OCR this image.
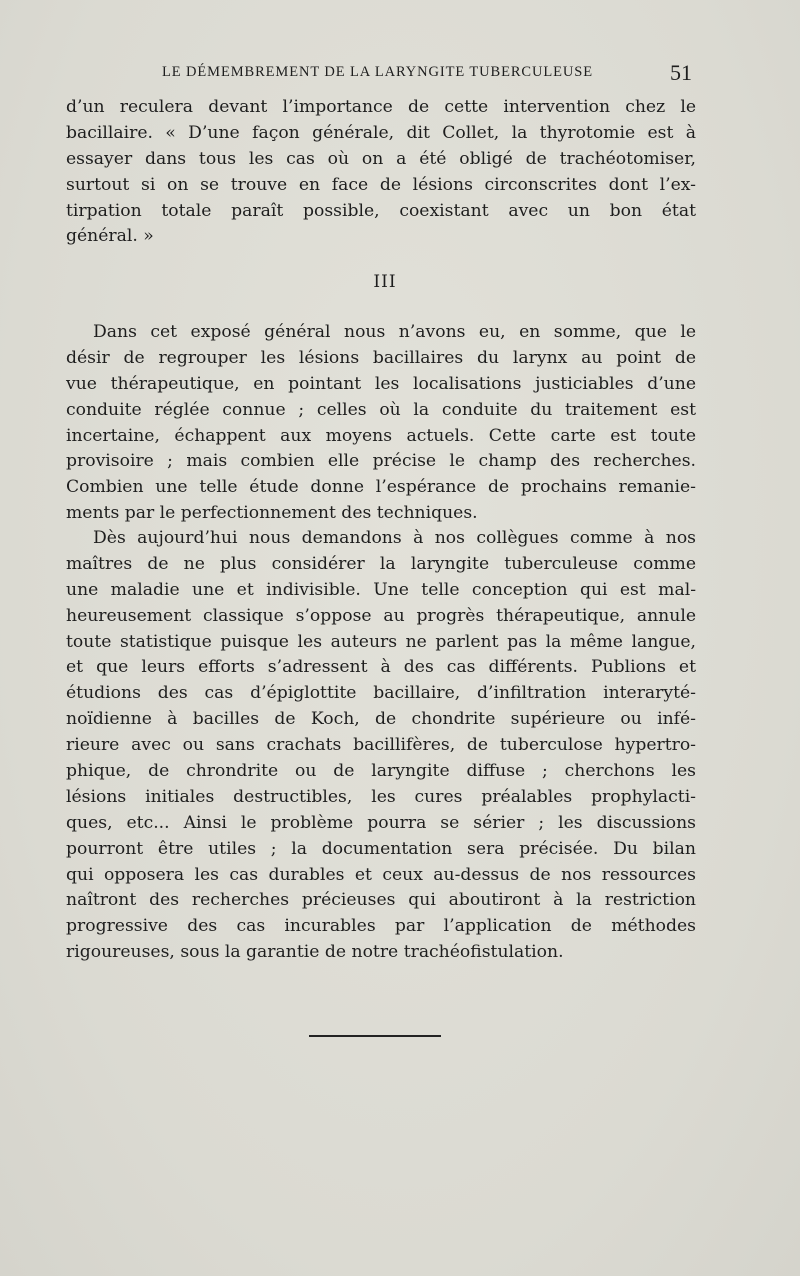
LE DÉMEMBREMENT DE LA LARYNGITE TUBERCULEUSE	51
d’un reculera devant l’importance de cette intervention chez le
bacillaire. « D’une façon générale, dit Collet, la thyrotomie est à
essayer dans tous les cas où on a été obligé de trachéotomiser,
surtout si on se trouve en face de lésions circonscrites dont l’ex-
tirpation totale paraît possible, coexistant avec un bon état
général. »
III
Dans cet exposé général nous n’avons eu, en somme, que le
désir de regrouper les lésions bacillaires du larynx au point de
vue thérapeutique, en pointant les localisations justiciables d’une
conduite réglée connue ; celles où la conduite du traitement est
incertaine, échappent aux moyens actuels. Cette carte est toute
provisoire ; mais combien elle précise le champ des recherches.
Combien une telle étude donne l’espérance de prochains remanie-
ments par le perfectionnement des techniques.
Dès aujourd’hui nous demandons à nos collègues comme à nos
maîtres de ne plus considérer la laryngite tuberculeuse comme
une maladie une et indivisible. Une telle conception qui est mal-
heureusement classique s’oppose au progrès thérapeutique, annule
toute statistique puisque les auteurs ne parlent pas la même langue,
et que leurs efforts s’adressent à des cas différents. Publions et
étudions des cas d’épiglottite bacillaire, d’infiltration interaryté-
noïdienne à bacilles de Koch, de chondrite supérieure ou infé-
rieure avec ou sans crachats bacillifères, de tuberculose hypertro-
phique, de chrondrite ou de laryngite diffuse ; cherchons les
lésions initiales destructibles, les cures préalables prophylacti-
ques, etc... Ainsi le problème pourra se sérier ; les discussions
pourront être utiles ; la documentation sera précisée. Du bilan
qui opposera les cas durables et ceux au-dessus de nos ressources
naîtront des recherches précieuses qui aboutiront à la restriction
progressive des cas incurables par l’application de méthodes
rigoureuses, sous la garantie de notre trachéofistulation.
